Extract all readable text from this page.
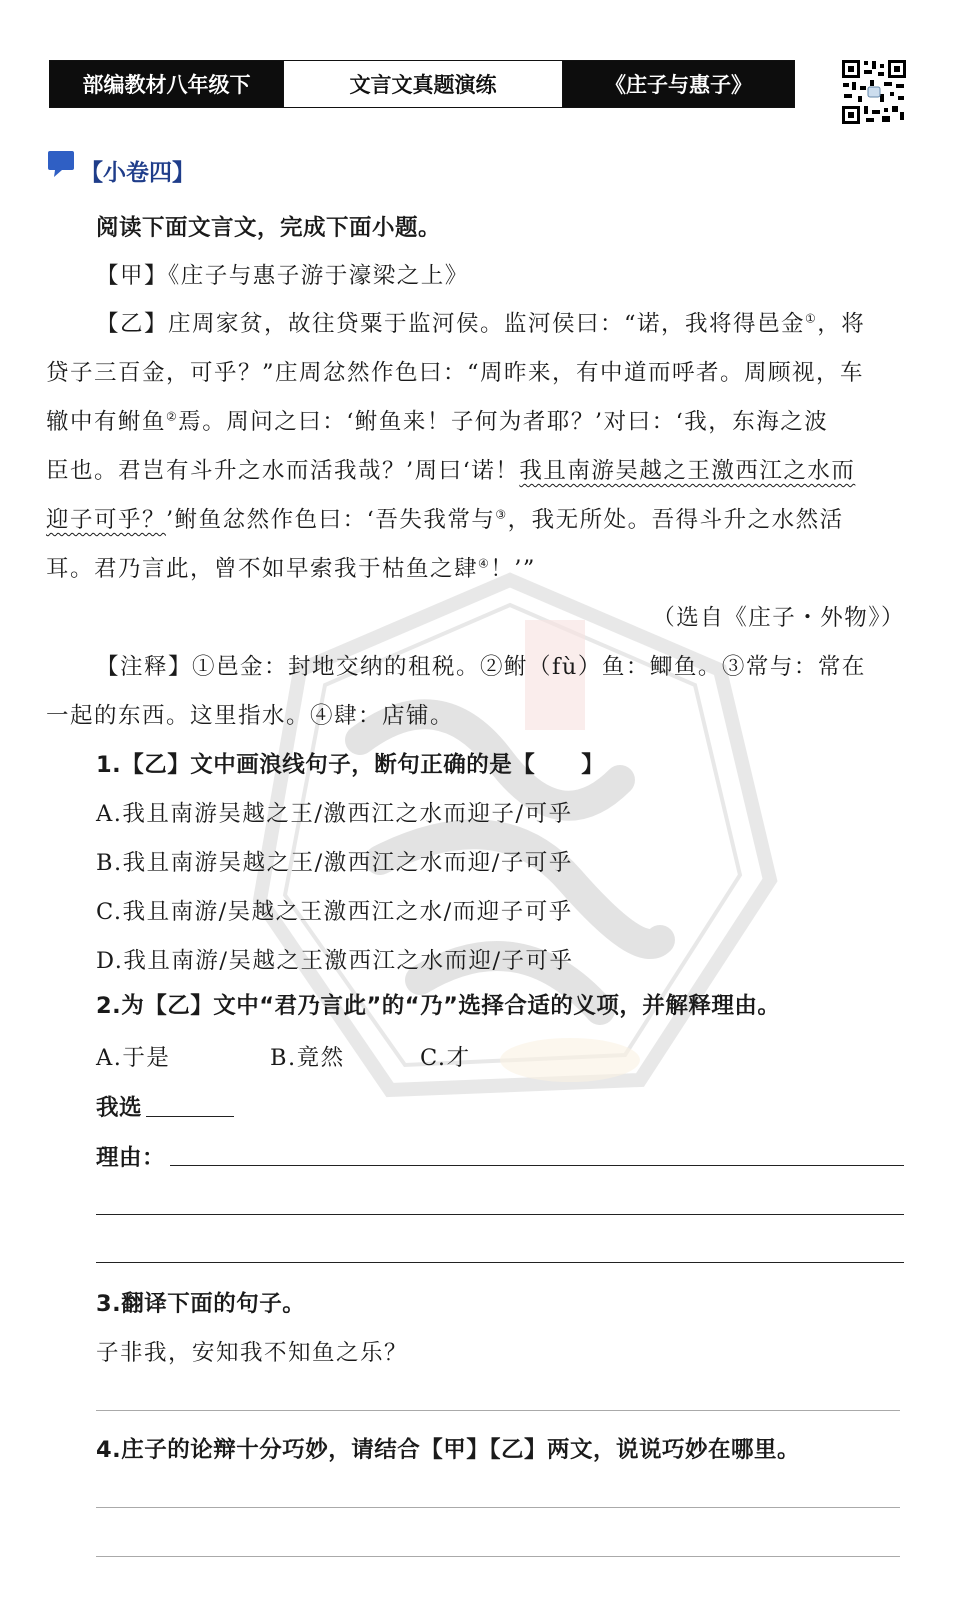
部编教材八年级下	文言文真题演练	《庄子与惠子》
【小卷四】
阅读下面文言文，完成下面小题。
【甲】《庄子与惠子游于濠梁之上》
【乙】庄周家贫，故往贷粟于监河侯。监河侯曰：“诺，我将得邑金①，将
贷子三百金，可乎？”庄周忿然作色曰：“周昨来，有中道而呼者。周顾视，车
辙中有鲋鱼②焉。周问之曰：‘鲋鱼来！子何为者耶？’对曰：‘我，东海之波
臣也。君岂有斗升之水而活我哉？’周曰‘诺！我且南游吴越之王激西江之水而
迎子可乎？’鲋鱼忿然作色曰：‘吾失我常与③，我无所处。吾得斗升之水然活
耳。君乃言此，曾不如早索我于枯鱼之肆④！’”
（选自《庄子・外物》）
【注释】①邑金：封地交纳的租税。②鲋（fù）鱼：鲫鱼。③常与：常在
一起的东西。这里指水。④肆：店铺。
1.【乙】文中画浪线句子，断句正确的是【　　】
A.我且南游吴越之王/激西江之水而迎子/可乎
B.我且南游吴越之王/激西江之水而迎/子可乎
C.我且南游/吴越之王激西江之水/而迎子可乎
D.我且南游/吴越之王激西江之水而迎/子可乎
2.为【乙】文中“君乃言此”的“乃”选择合适的义项，并解释理由。
A.于是	B.竟然	C.才
我选
理由：
3.翻译下面的句子。
子非我，安知我不知鱼之乐？
4.庄子的论辩十分巧妙，请结合【甲】【乙】两文，说说巧妙在哪里。
